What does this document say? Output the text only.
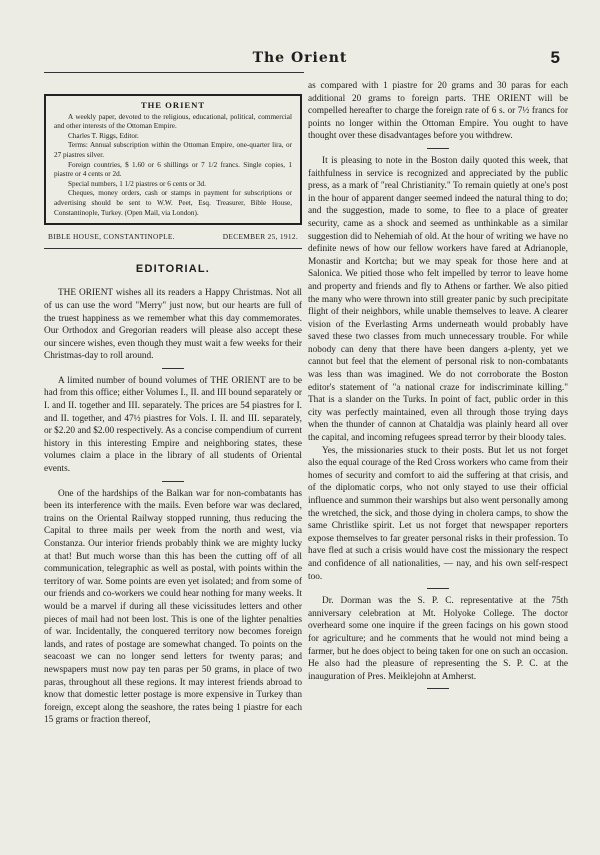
The Orient	5
THE ORIENT

A weekly paper, devoted to the religious, educational, political, commercial and other interests of the Ottoman Empire.

Charles T. Riggs, Editor.

Terms: Annual subscription within the Ottoman Empire, one-quarter lira, or 27 piastres silver.

Foreign countries, $ 1.60 or 6 shillings or 7 1/2 francs. Single copies, 1 piastre or 4 cents or 2d.

Special numbers, 1 1/2 piastres or 6 cents or 3d.

Cheques, money orders, cash or stamps in payment for subscriptions or advertising should be sent to W.W. Peet, Esq. Treasurer, Bible House, Constantinople, Turkey. (Open Mail, via London).

BIBLE HOUSE, CONSTANTINOPLE.	DECEMBER 25, 1912.
EDITORIAL.

THE ORIENT wishes all its readers a Happy Christmas. Not all of us can use the word "Merry" just now, but our hearts are full of the truest happiness as we remember what this day commemorates. Our Orthodox and Gregorian readers will please also accept these our sincere wishes, even though they must wait a few weeks for their Christmas-day to roll around.

A limited number of bound volumes of THE ORIENT are to be had from this office; either Volumes I., II. and III bound separately or I. and II. together and III. separately. The prices are 54 piastres for I. and II. together, and 47½ piastres for Vols. I. II. and III. separately, or $2.20 and $2.00 respectively. As a concise compendium of current history in this interesting Empire and neighboring states, these volumes claim a place in the library of all students of Oriental events.

One of the hardships of the Balkan war for non-combatants has been its interference with the mails. Even before war was declared, trains on the Oriental Railway stopped running, thus reducing the Capital to three mails per week from the north and west, via Constanza. Our interior friends probably think we are mighty lucky at that! But much worse than this has been the cutting off of all communication, telegraphic as well as postal, with points within the territory of war. Some points are even yet isolated; and from some of our friends and co-workers we could hear nothing for many weeks. It would be a marvel if during all these vicissitudes letters and other pieces of mail had not been lost. This is one of the lighter penalties of war. Incidentally, the conquered territory now becomes foreign lands, and rates of postage are somewhat changed. To points on the seacoast we can no longer send letters for twenty paras; and newspapers must now pay ten paras per 50 grams, in place of two paras, throughout all these regions. It may interest friends abroad to know that domestic letter postage is more expensive in Turkey than foreign, except along the seashore, the rates being 1 piastre for each 15 grams or fraction thereof,

as compared with 1 piastre for 20 grams and 30 paras for each additional 20 grams to foreign parts. THE ORIENT will be compelled hereafter to charge the foreign rate of 6 s. or 7½ francs for points no longer within the Ottoman Empire. You ought to have thought over these disadvantages before you withdrew.

It is pleasing to note in the Boston daily quoted this week, that faithfulness in service is recognized and appreciated by the public press, as a mark of "real Christianity." To remain quietly at one's post in the hour of apparent danger seemed indeed the natural thing to do; and the suggestion, made to some, to flee to a place of greater security, came as a shock and seemed as unthinkable as a similar suggestion did to Nehemiah of old. At the hour of writing we have no definite news of how our fellow workers have fared at Adrianople, Monastir and Kortcha; but we may speak for those here and at Salonica. We pitied those who felt impelled by terror to leave home and property and friends and fly to Athens or farther. We also pitied the many who were thrown into still greater panic by such precipitate flight of their neighbors, while unable themselves to leave. A clearer vision of the Everlasting Arms underneath would probably have saved these two classes from much unnecessary trouble. For while nobody can deny that there have been dangers a-plenty, yet we cannot but feel that the element of personal risk to non-combatants was less than was imagined. We do not corroborate the Boston editor's statement of "a national craze for indiscriminate killing." That is a slander on the Turks. In point of fact, public order in this city was perfectly maintained, even all through those trying days when the thunder of cannon at Chataldja was plainly heard all over the capital, and incoming refugees spread terror by their bloody tales.

Yes, the missionaries stuck to their posts. But let us not forget also the equal courage of the Red Cross workers who came from their homes of security and comfort to aid the suffering at that crisis, and of the diplomatic corps, who not only stayed to use their official influence and summon their warships but also went personally among the wretched, the sick, and those dying in cholera camps, to show the same Christlike spirit. Let us not forget that newspaper reporters expose themselves to far greater personal risks in their profession. To have fled at such a crisis would have cost the missionary the respect and confidence of all nationalities, — nay, and his own self-respect too.

Dr. Dorman was the S. P. C. representative at the 75th anniversary celebration at Mt. Holyoke College. The doctor overheard some one inquire if the green facings on his gown stood for agriculture; and he comments that he would not mind being a farmer, but he does object to being taken for one on such an occasion. He also had the pleasure of representing the S. P. C. at the inauguration of Pres. Meiklejohn at Amherst.
